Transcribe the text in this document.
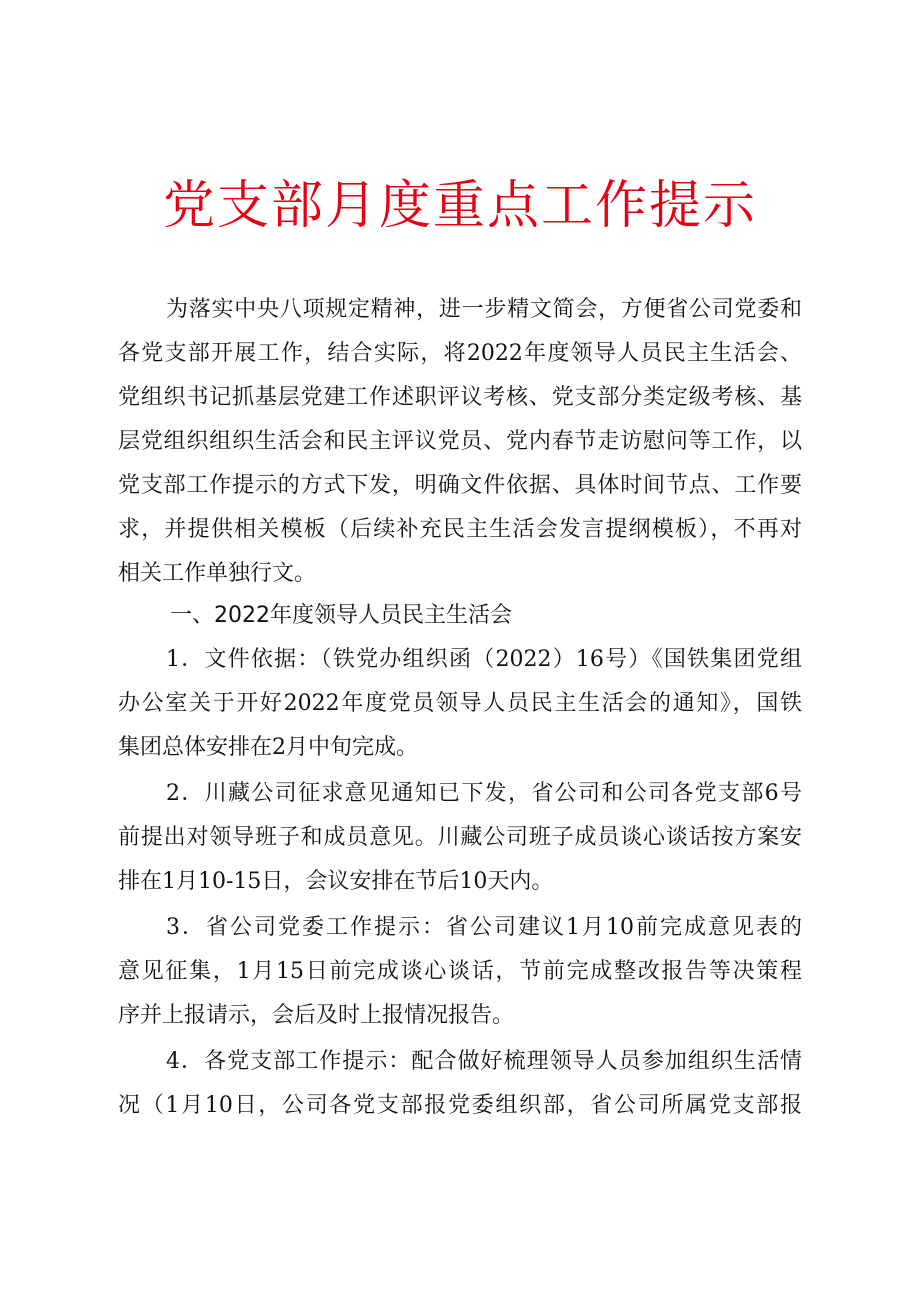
党支部月度重点工作提示
为落实中央八项规定精神，进一步精文简会，方便省公司党委和
各党支部开展工作，结合实际，将2022年度领导人员民主生活会、
党组织书记抓基层党建工作述职评议考核、党支部分类定级考核、基
层党组织组织生活会和民主评议党员、党内春节走访慰问等工作，以
党支部工作提示的方式下发，明确文件依据、具体时间节点、工作要
求，并提供相关模板（后续补充民主生活会发言提纲模板），不再对
相关工作单独行文。
一、2022年度领导人员民主生活会
1．文件依据：（铁党办组织函（2022）16号）《国铁集团党组
办公室关于开好2022年度党员领导人员民主生活会的通知》，国铁
集团总体安排在2月中旬完成。
2．川藏公司征求意见通知已下发，省公司和公司各党支部6号
前提出对领导班子和成员意见。川藏公司班子成员谈心谈话按方案安
排在1月10-15日，会议安排在节后10天内。
3．省公司党委工作提示：省公司建议1月10前完成意见表的
意见征集，1月15日前完成谈心谈话，节前完成整改报告等决策程
序并上报请示，会后及时上报情况报告。
4．各党支部工作提示：配合做好梳理领导人员参加组织生活情
况（1月10日，公司各党支部报党委组织部，省公司所属党支部报
